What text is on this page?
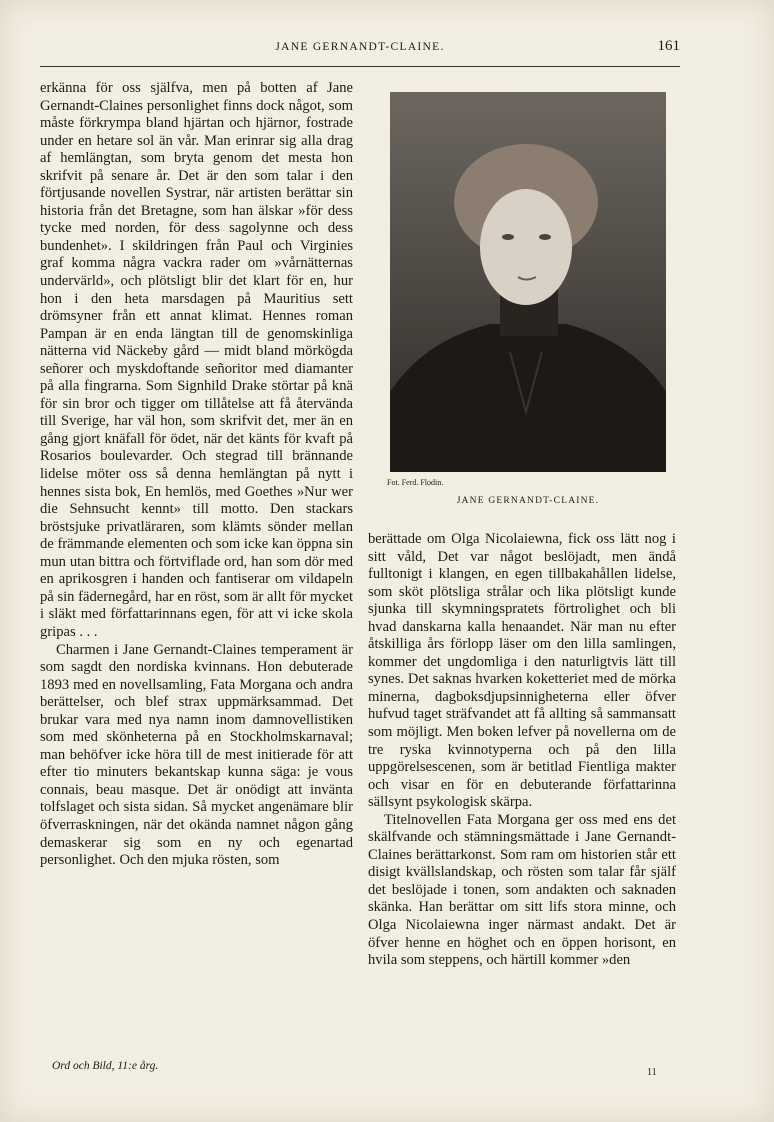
JANE GERNANDT-CLAINE.	161

erkänna för oss själfva, men på botten af Jane Gernandt-Claines personlighet finns dock något, som måste förkrympa bland hjärtan och hjärnor, fostrade under en hetare sol än vår. Man erinrar sig alla drag af hemlängtan, som bryta genom det mesta hon skrifvit på senare år. Det är den som talar i den förtjusande novellen Systrar, när artisten berättar sin historia från det Bretagne, som han älskar »för dess tycke med norden, för dess sagolynne och dess bundenhet». I skildringen från Paul och Virginies graf komma några vackra rader om »vårnätternas undervärld», och plötsligt blir det klart för en, hur hon i den heta marsdagen på Mauritius sett drömsyner från ett annat klimat. Hennes roman Pampan är en enda längtan till de genomskinliga nätterna vid Näckeby gård — midt bland mörkögda señorer och myskdoftande señoritor med diamanter på alla fingrarna. Som Signhild Drake störtar på knä för sin bror och tigger om tillåtelse att få återvända till Sverige, har väl hon, som skrifvit det, mer än en gång gjort knäfall för ödet, när det känts för kvaft på Rosarios boulevarder. Och stegrad till brännande lidelse möter oss så denna hemlängtan på nytt i hennes sista bok, En hemlös, med Goethes »Nur wer die Sehnsucht kennt» till motto. Den stackars bröstsjuke privatläraren, som klämts sönder mellan de främmande elementen och som icke kan öppna sin mun utan bittra och förtviflade ord, han som dör med en aprikosgren i handen och fantiserar om vildapeln på sin fädernegård, har en röst, som är allt för mycket i släkt med författarinnans egen, för att vi icke skola gripas . . .

Charmen i Jane Gernandt-Claines temperament är som sagdt den nordiska kvinnans. Hon debuterade 1893 med en novellsamling, Fata Morgana och andra berättelser, och blef strax uppmärksammad. Det brukar vara med nya namn inom damnovellistiken som med skönheterna på en Stockholmskarnaval; man behöfver icke höra till de mest initierade för att efter tio minuters bekantskap kunna säga: je vous connais, beau masque. Det är onödigt att invänta tolfslaget och sista sidan. Så mycket angenämare blir öfverraskningen, när det okända namnet någon gång demaskerar sig som en ny och egenartad personlighet. Och den mjuka rösten, som

Fot. Ferd. Flodin.
JANE GERNANDT-CLAINE.

berättade om Olga Nicolaiewna, fick oss lätt nog i sitt våld, Det var något beslöjadt, men ändå fulltonigt i klangen, en egen tillbakahållen lidelse, som sköt plötsliga strålar och lika plötsligt kunde sjunka till skymningspratets förtrolighet och bli hvad danskarna kalla henaandet. När man nu efter åtskilliga års förlopp läser om den lilla samlingen, kommer det ungdomliga i den naturligtvis lätt till synes. Det saknas hvarken koketteriet med de mörka minerna, dagboksdjupsinnigheterna eller öfver hufvud taget sträfvandet att få allting så sammansatt som möjligt. Men boken lefver på novellerna om de tre ryska kvinnotyperna och på den lilla uppgörelsescenen, som är betitlad Fientliga makter och visar en för en debuterande författarinna sällsynt psykologisk skärpa.

Titelnovellen Fata Morgana ger oss med ens det skälfvande och stämningsmättade i Jane Gernandt-Claines berättarkonst. Som ram om historien står ett disigt kvällslandskap, och rösten som talar får själf det beslöjade i tonen, som andakten och saknaden skänka. Han berättar om sitt lifs stora minne, och Olga Nicolaiewna inger närmast andakt. Det är öfver henne en höghet och en öppen horisont, en hvila som steppens, och härtill kommer »den

Ord och Bild, 11:e årg.
11
